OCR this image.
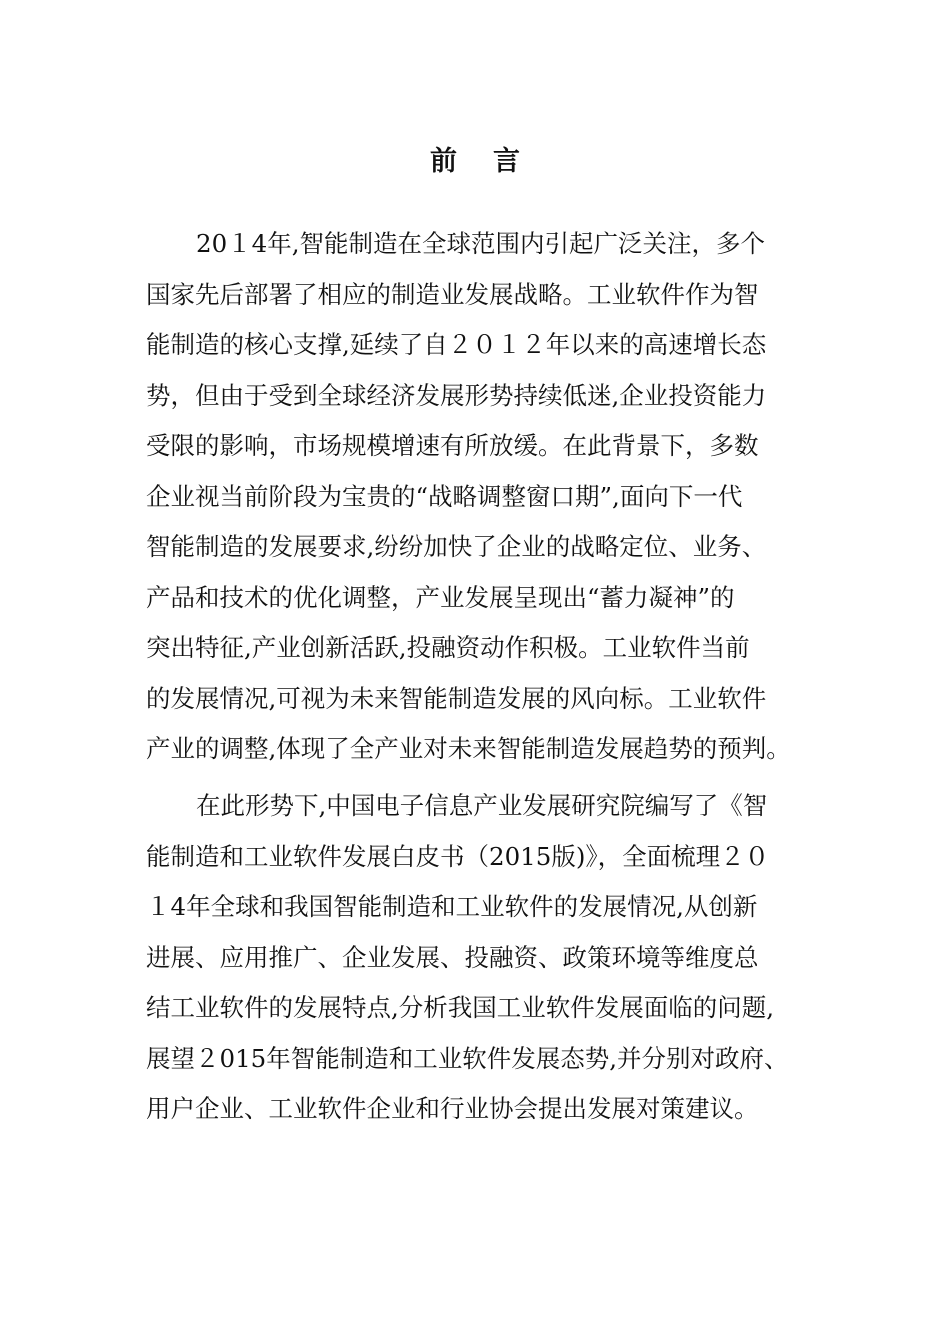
前言
20１4年,智能制造在全球范围内引起广泛关注，多个
国家先后部署了相应的制造业发展战略。工业软件作为智
能制造的核心支撑,延续了自２０１２年以来的高速增长态
势，但由于受到全球经济发展形势持续低迷,企业投资能力
受限的影响，市场规模增速有所放缓。在此背景下，多数
企业视当前阶段为宝贵的“战略调整窗口期”,面向下一代
智能制造的发展要求,纷纷加快了企业的战略定位、业务、
产品和技术的优化调整，产业发展呈现出“蓄力凝神”的
突出特征,产业创新活跃,投融资动作积极。工业软件当前
的发展情况,可视为未来智能制造发展的风向标。工业软件
产业的调整,体现了全产业对未来智能制造发展趋势的预判。
在此形势下,中国电子信息产业发展研究院编写了《智
能制造和工业软件发展白皮书（2015版)》，全面梳理２０
１4年全球和我国智能制造和工业软件的发展情况,从创新
进展、应用推广、企业发展、投融资、政策环境等维度总
结工业软件的发展特点,分析我国工业软件发展面临的问题,
展望２015年智能制造和工业软件发展态势,并分别对政府、
用户企业、工业软件企业和行业协会提出发展对策建议。
